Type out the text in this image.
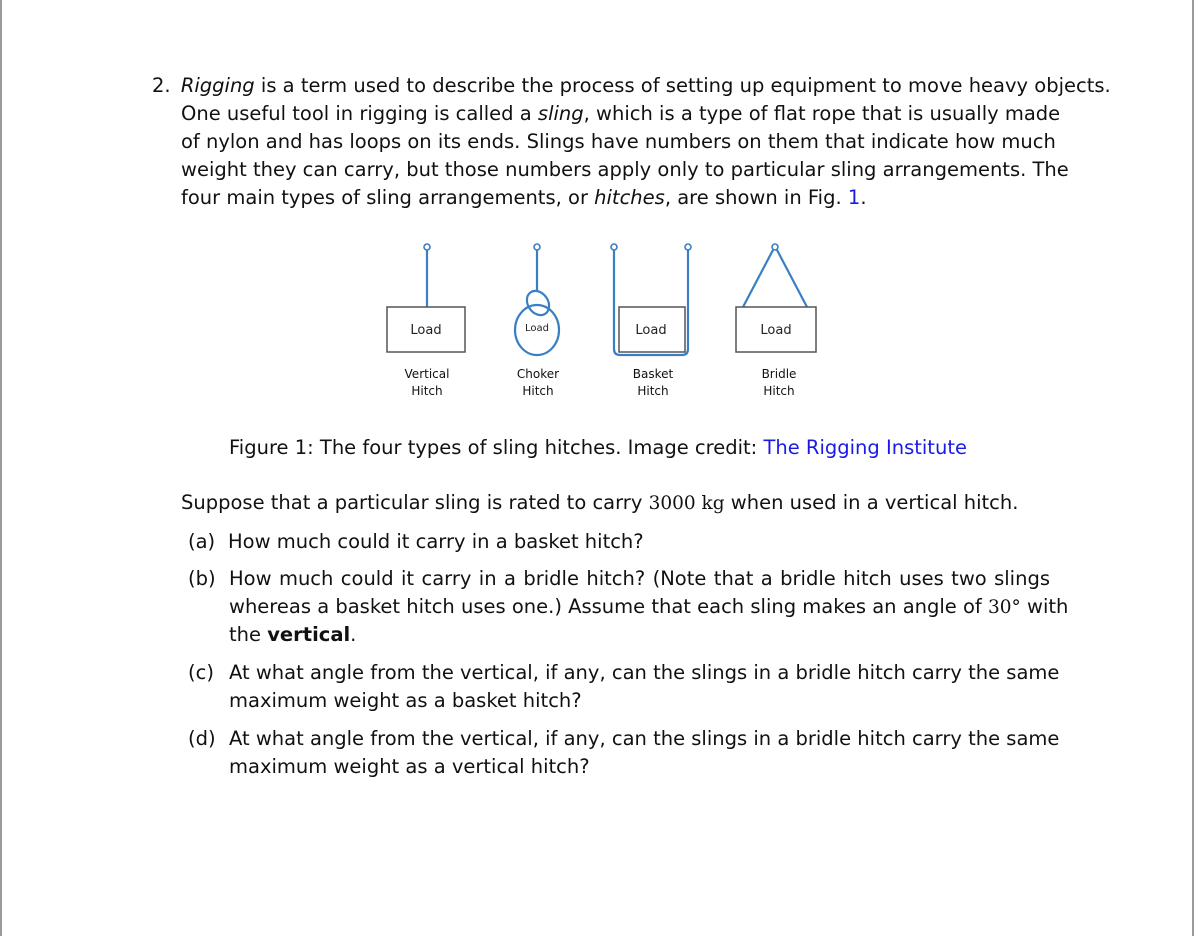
2. Rigging is a term used to describe the process of setting up equipment to move heavy objects.
One useful tool in rigging is called a sling, which is a type of flat rope that is usually made
of nylon and has loops on its ends. Slings have numbers on them that indicate how much
weight they can carry, but those numbers apply only to particular sling arrangements. The
four main types of sling arrangements, or hitches, are shown in Fig. 1.
Load	Load	Load	Load
Vertical
Hitch
Choker
Hitch
Basket
Hitch
Bridle
Hitch
Figure 1: The four types of sling hitches. Image credit: The Rigging Institute
Suppose that a particular sling is rated to carry 3000 kg when used in a vertical hitch.
(a) How much could it carry in a basket hitch?
(b) How much could it carry in a bridle hitch? (Note that a bridle hitch uses two slings
whereas a basket hitch uses one.) Assume that each sling makes an angle of 30° with
the vertical.
(c) At what angle from the vertical, if any, can the slings in a bridle hitch carry the same
maximum weight as a basket hitch?
(d) At what angle from the vertical, if any, can the slings in a bridle hitch carry the same
maximum weight as a vertical hitch?
